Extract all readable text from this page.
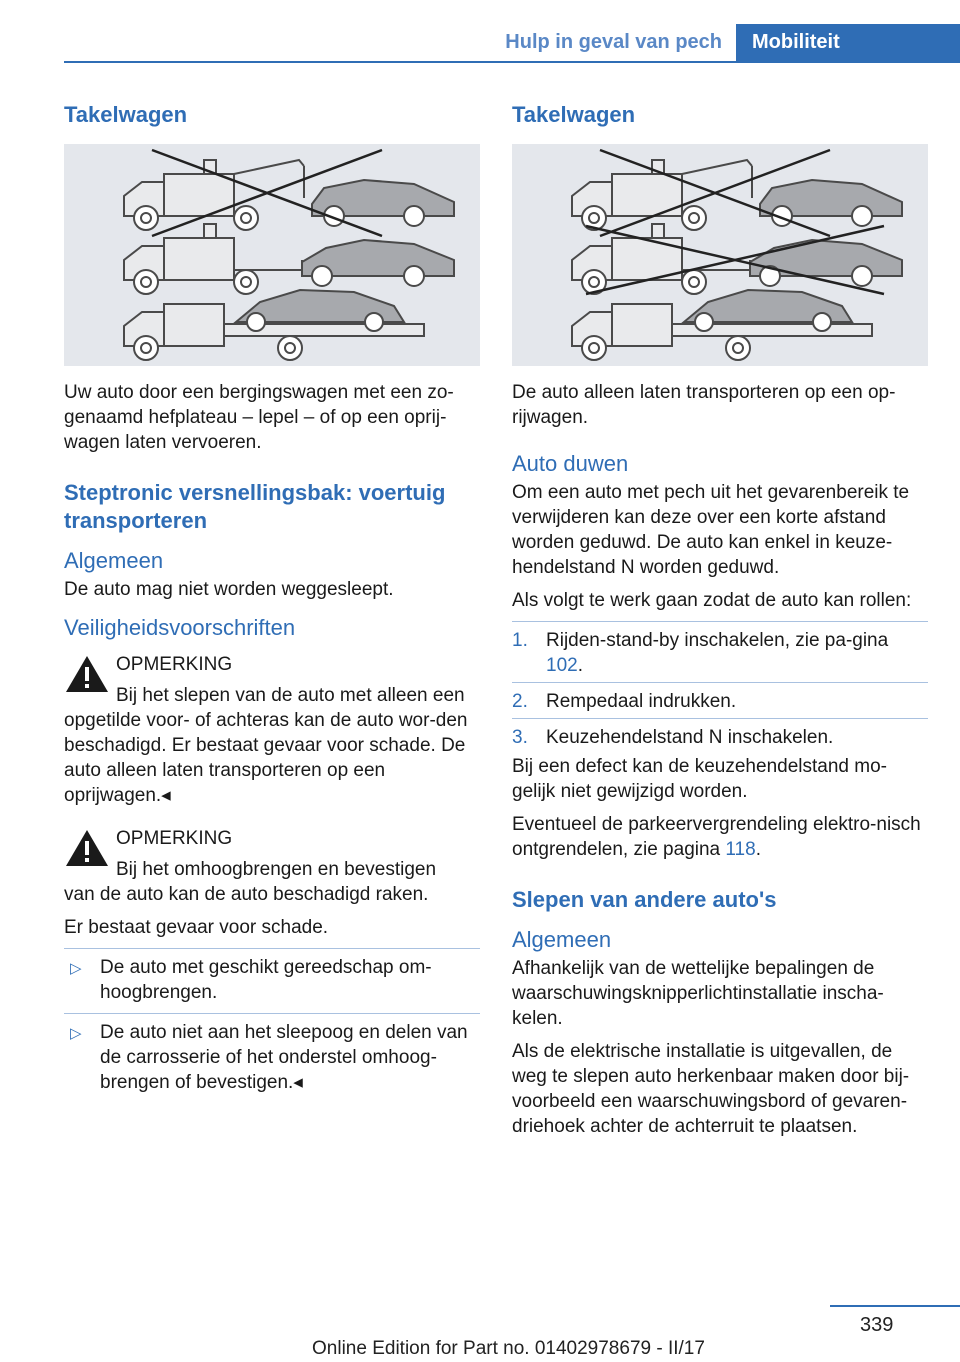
Hulp in geval van pech	Mobiliteit
Takelwagen
Uw auto door een bergingswagen met een zo‐genaamd hefplateau – lepel – of op een oprij‐wagen laten vervoeren.
Steptronic versnellingsbak: voertuig transporteren
Algemeen
De auto mag niet worden weggesleept.
Veiligheidsvoorschriften
OPMERKING
Bij het slepen van de auto met alleen een
opgetilde voor- of achteras kan de auto wor‐den beschadigd. Er bestaat gevaar voor schade. De auto alleen laten transporteren op een oprijwagen.◂
OPMERKING
Bij het omhoogbrengen en bevestigen
van de auto kan de auto beschadigd raken.
Er bestaat gevaar voor schade.
▷ De auto met geschikt gereedschap om‐hoogbrengen.
▷ De auto niet aan het sleepoog en delen van de carrosserie of het onderstel omhoog‐brengen of bevestigen.◂
Takelwagen
De auto alleen laten transporteren op een op‐rijwagen.
Auto duwen
Om een auto met pech uit het gevarenbereik te verwijderen kan deze over een korte afstand worden geduwd. De auto kan enkel in keuze‐hendelstand N worden geduwd.
Als volgt te werk gaan zodat de auto kan rollen:
1. Rijden-stand-by inschakelen, zie pa‐gina 102.
2. Rempedaal indrukken.
3. Keuzehendelstand N inschakelen.
Bij een defect kan de keuzehendelstand mo‐gelijk niet gewijzigd worden.
Eventueel de parkeervergrendeling elektro‐nisch ontgrendelen, zie pagina 118.
Slepen van andere auto's
Algemeen
Afhankelijk van de wettelijke bepalingen de waarschuwingsknipperlichtinstallatie inscha‐kelen.
Als de elektrische installatie is uitgevallen, de weg te slepen auto herkenbaar maken door bij‐voorbeeld een waarschuwingsbord of gevaren‐driehoek achter de achterruit te plaatsen.
339
Online Edition for Part no. 01402978679 - II/17
